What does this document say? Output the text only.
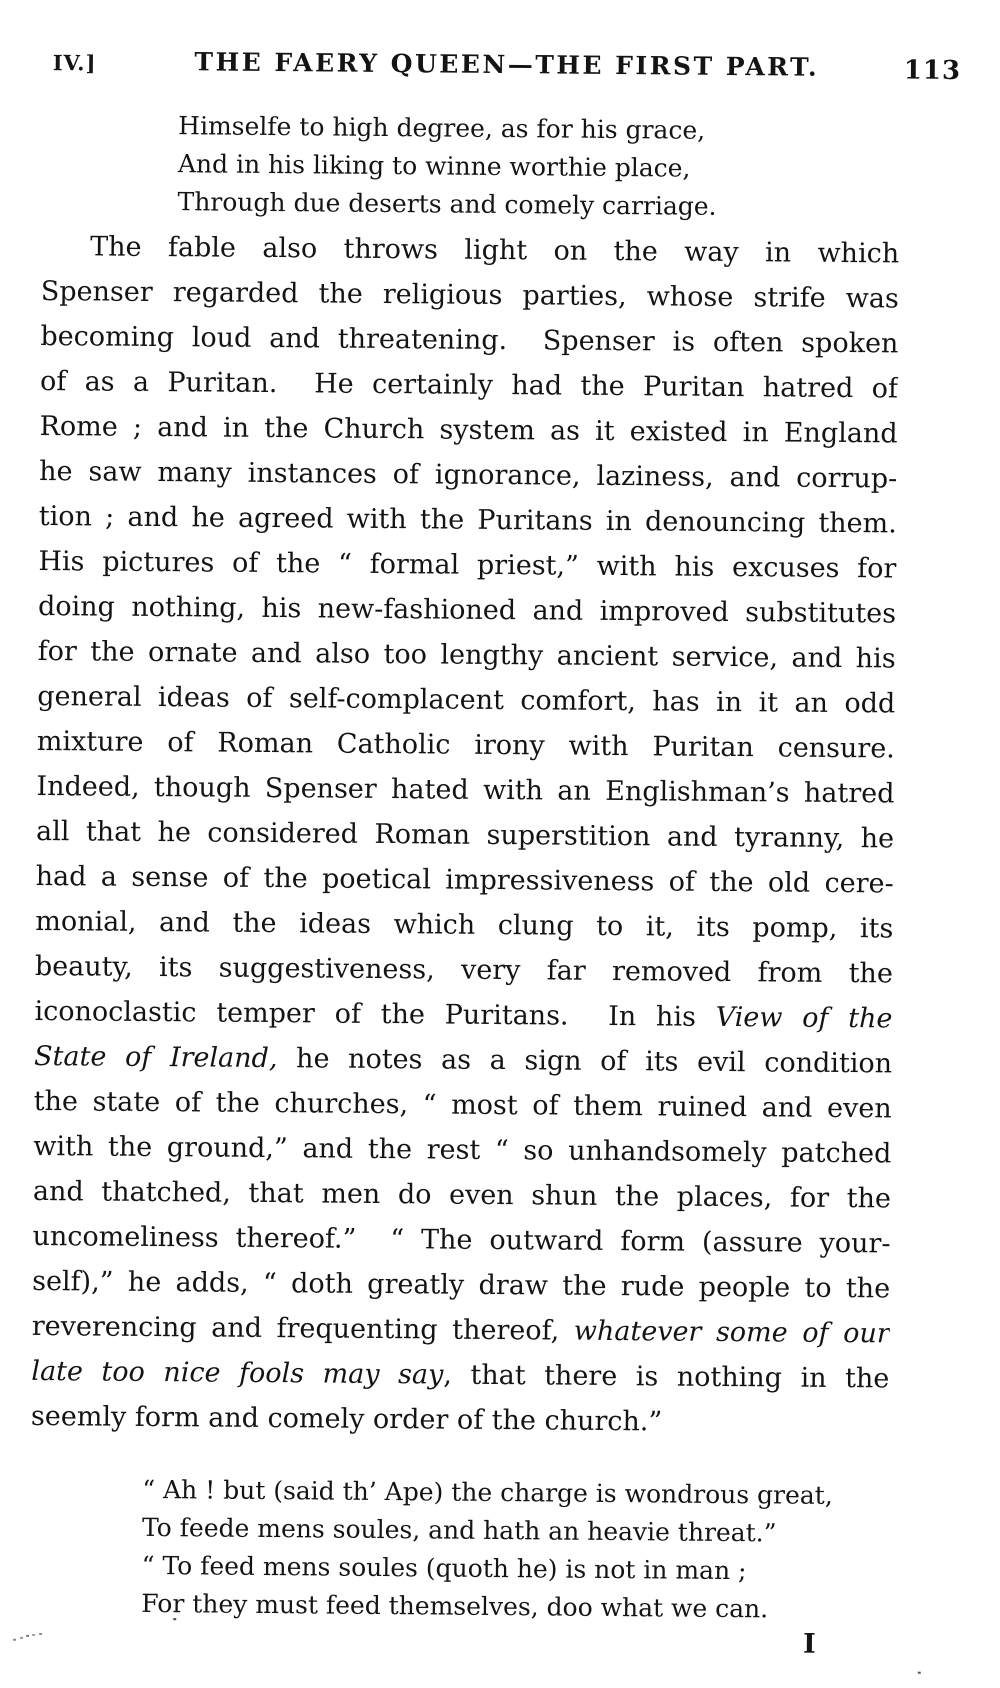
IV.]	THE FAERY QUEEN—THE FIRST PART.	113
Himselfe to high degree, as for his grace,
And in his liking to winne worthie place,
Through due deserts and comely carriage.
The fable also throws light on the way in which
Spenser regarded the religious parties, whose strife was
becoming loud and threatening.  Spenser is often spoken
of as a Puritan.  He certainly had the Puritan hatred of
Rome ; and in the Church system as it existed in England
he saw many instances of ignorance, laziness, and corrup-
tion ; and he agreed with the Puritans in denouncing them.
His pictures of the “ formal priest,” with his excuses for
doing nothing, his new-fashioned and improved substitutes
for the ornate and also too lengthy ancient service, and his
general ideas of self-complacent comfort, has in it an odd
mixture of Roman Catholic irony with Puritan censure.
Indeed, though Spenser hated with an Englishman’s hatred
all that he considered Roman superstition and tyranny, he
had a sense of the poetical impressiveness of the old cere-
monial, and the ideas which clung to it, its pomp, its
beauty, its suggestiveness, very far removed from the
iconoclastic temper of the Puritans.  In his View of the
State of Ireland, he notes as a sign of its evil condition
the state of the churches, “ most of them ruined and even
with the ground,” and the rest “ so unhandsomely patched
and thatched, that men do even shun the places, for the
uncomeliness thereof.”  “ The outward form (assure your-
self),” he adds, “ doth greatly draw the rude people to the
reverencing and frequenting thereof, whatever some of our
late too nice fools may say, that there is nothing in the
seemly form and comely order of the church.”
“ Ah ! but (said th’ Ape) the charge is wondrous great,
To feede mens soules, and hath an heavie threat.”
“ To feed mens soules (quoth he) is not in man ;
For they must feed themselves, doo what we can.
I
